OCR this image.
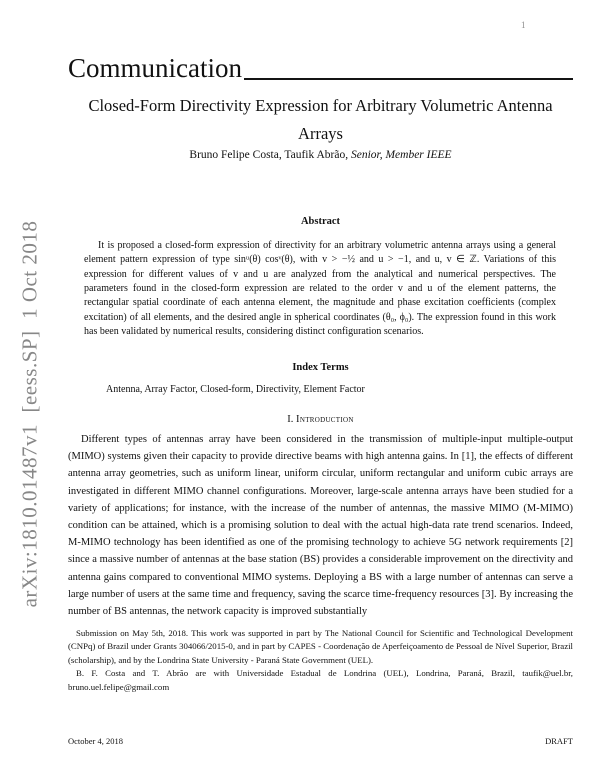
arXiv:1810.01487v1  [eess.SP]  1 Oct 2018
1
Communication
Closed-Form Directivity Expression for Arbitrary Volumetric Antenna
Arrays
Bruno Felipe Costa, Taufik Abrão, Senior, Member IEEE
Abstract
It is proposed a closed-form expression of directivity for an arbitrary volumetric antenna arrays using a general element pattern expression of type sinᵘ(θ) cosᵛ(θ), with v > −½ and u > −1, and u, v ∈ ℤ. Variations of this expression for different values of v and u are analyzed from the analytical and numerical perspectives. The parameters found in the closed-form expression are related to the order v and u of the element patterns, the rectangular spatial coordinate of each antenna element, the magnitude and phase excitation coefficients (complex excitation) of all elements, and the desired angle in spherical coordinates (θ₀, ϕ₀). The expression found in this work has been validated by numerical results, considering distinct configuration scenarios.
Index Terms
Antenna, Array Factor, Closed-form, Directivity, Element Factor
I. Introduction
Different types of antennas array have been considered in the transmission of multiple-input multiple-output (MIMO) systems given their capacity to provide directive beams with high antenna gains. In [1], the effects of different antenna array geometries, such as uniform linear, uniform circular, uniform rectangular and uniform cubic arrays are investigated in different MIMO channel configurations. Moreover, large-scale antenna arrays have been studied for a variety of applications; for instance, with the increase of the number of antennas, the massive MIMO (M-MIMO) condition can be attained, which is a promising solution to deal with the actual high-data rate trend scenarios. Indeed, M-MIMO technology has been identified as one of the promising technology to achieve 5G network requirements [2] since a massive number of antennas at the base station (BS) provides a considerable improvement on the directivity and antenna gains compared to conventional MIMO systems. Deploying a BS with a large number of antennas can serve a large number of users at the same time and frequency, saving the scarce time-frequency resources [3]. By increasing the number of BS antennas, the network capacity is improved substantially

Submission on May 5th, 2018. This work was supported in part by The National Council for Scientific and Technological Development (CNPq) of Brazil under Grants 304066/2015-0, and in part by CAPES - Coordenação de Aperfeiçoamento de Pessoal de Nível Superior, Brazil (scholarship), and by the Londrina State University - Paraná State Government (UEL).

B. F. Costa and T. Abrão are with Universidade Estadual de Londrina (UEL), Londrina, Paraná, Brazil, taufik@uel.br, bruno.uel.felipe@gmail.com

October 4, 2018	DRAFT
